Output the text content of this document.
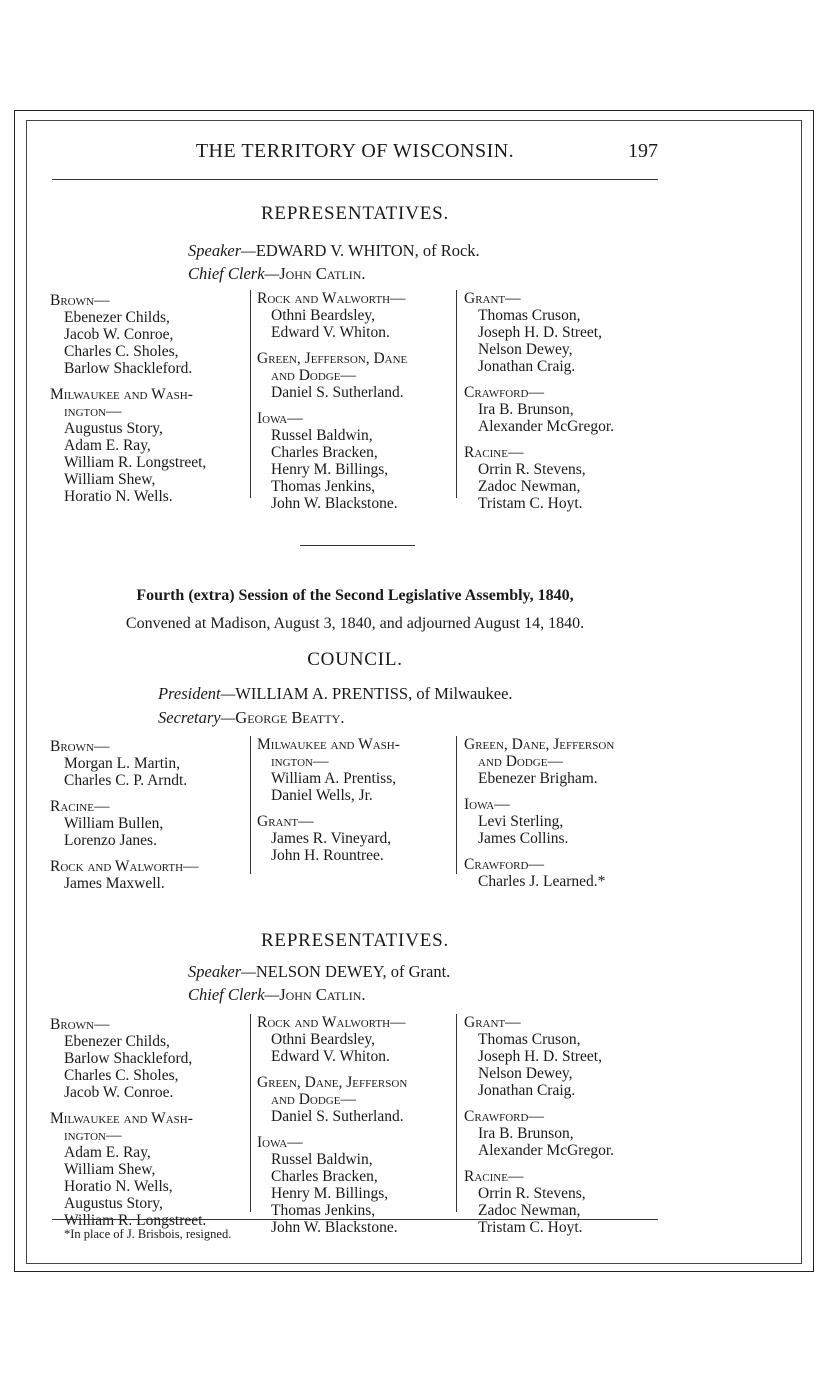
THE TERRITORY OF WISCONSIN.	197
REPRESENTATIVES.
Speaker—EDWARD V. WHITON, of Rock.
Chief Clerk—John Catlin.
Brown—
Ebenezer Childs,
Jacob W. Conroe,
Charles C. Sholes,
Barlow Shackleford.
Milwaukee and Wash-
ington—
Augustus Story,
Adam E. Ray,
William R. Longstreet,
William Shew,
Horatio N. Wells.
Rock and Walworth—
Othni Beardsley,
Edward V. Whiton.
Green, Jefferson, Dane
and Dodge—
Daniel S. Sutherland.
Iowa—
Russel Baldwin,
Charles Bracken,
Henry M. Billings,
Thomas Jenkins,
John W. Blackstone.
Grant—
Thomas Cruson,
Joseph H. D. Street,
Nelson Dewey,
Jonathan Craig.
Crawford—
Ira B. Brunson,
Alexander McGregor.
Racine—
Orrin R. Stevens,
Zadoc Newman,
Tristam C. Hoyt.
Fourth (extra) Session of the Second Legislative Assembly, 1840,
Convened at Madison, August 3, 1840, and adjourned August 14, 1840.
COUNCIL.
President—WILLIAM A. PRENTISS, of Milwaukee.
Secretary—George Beatty.
Brown—
Morgan L. Martin,
Charles C. P. Arndt.
Racine—
William Bullen,
Lorenzo Janes.
Rock and Walworth—
James Maxwell.
Milwaukee and Wash-
ington—
William A. Prentiss,
Daniel Wells, Jr.
Grant—
James R. Vineyard,
John H. Rountree.
Green, Dane, Jefferson
and Dodge—
Ebenezer Brigham.
Iowa—
Levi Sterling,
James Collins.
Crawford—
Charles J. Learned.*
REPRESENTATIVES.
Speaker—NELSON DEWEY, of Grant.
Chief Clerk—John Catlin.
Brown—
Ebenezer Childs,
Barlow Shackleford,
Charles C. Sholes,
Jacob W. Conroe.
Milwaukee and Wash-
ington—
Adam E. Ray,
William Shew,
Horatio N. Wells,
Augustus Story,
William R. Longstreet.
Rock and Walworth—
Othni Beardsley,
Edward V. Whiton.
Green, Dane, Jefferson
and Dodge—
Daniel S. Sutherland.
Iowa—
Russel Baldwin,
Charles Bracken,
Henry M. Billings,
Thomas Jenkins,
John W. Blackstone.
Grant—
Thomas Cruson,
Joseph H. D. Street,
Nelson Dewey,
Jonathan Craig.
Crawford—
Ira B. Brunson,
Alexander McGregor.
Racine—
Orrin R. Stevens,
Zadoc Newman,
Tristam C. Hoyt.
*In place of J. Brisbois, resigned.
